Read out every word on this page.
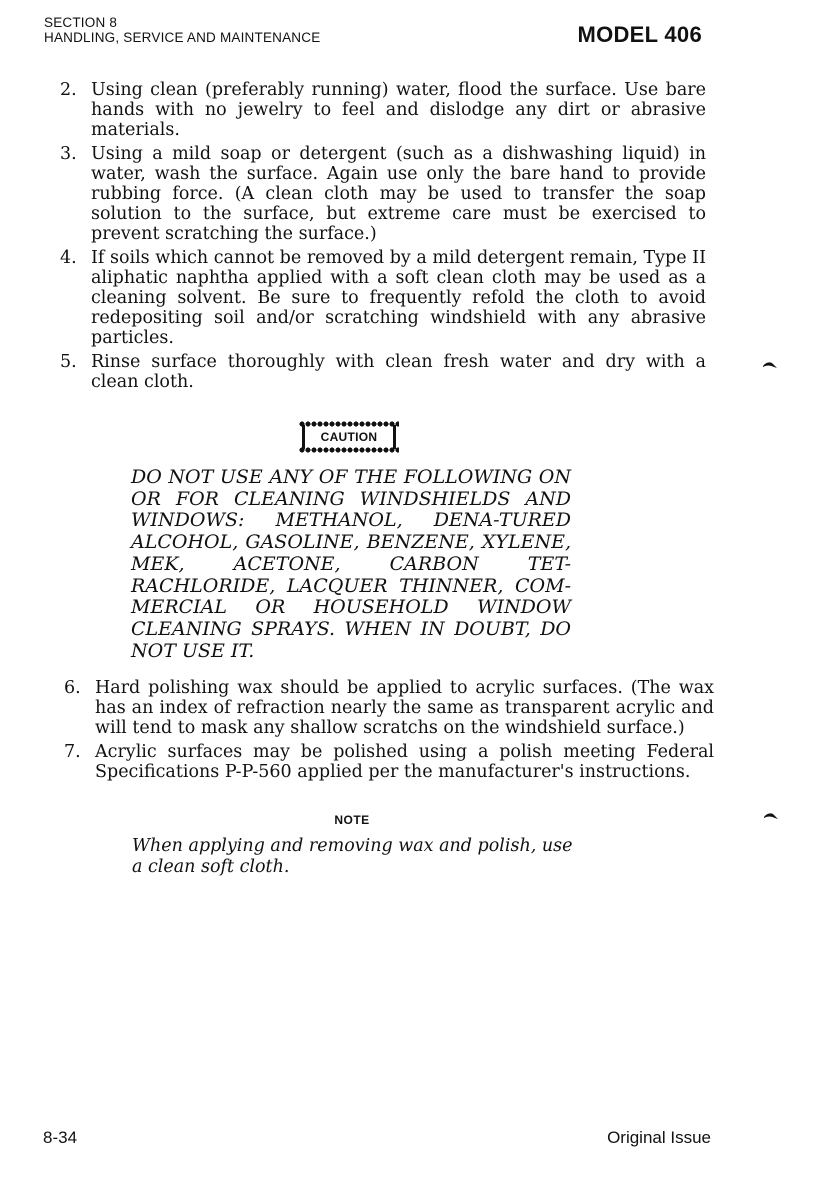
SECTION 8
HANDLING, SERVICE AND MAINTENANCE	MODEL 406
2. Using clean (preferably running) water, flood the surface. Use bare hands with no jewelry to feel and dislodge any dirt or abrasive materials.
3. Using a mild soap or detergent (such as a dishwashing liquid) in water, wash the surface. Again use only the bare hand to provide rubbing force. (A clean cloth may be used to transfer the soap solution to the surface, but extreme care must be exercised to prevent scratching the surface.)
4. If soils which cannot be removed by a mild detergent remain, Type II aliphatic naphtha applied with a soft clean cloth may be used as a cleaning solvent. Be sure to frequently refold the cloth to avoid redepositing soil and/or scratching windshield with any abrasive particles.
5. Rinse surface thoroughly with clean fresh water and dry with a clean cloth.
CAUTION
DO NOT USE ANY OF THE FOLLOWING ON OR FOR CLEANING WINDSHIELDS AND WINDOWS: METHANOL, DENA-TURED ALCOHOL, GASOLINE, BENZENE, XYLENE, MEK, ACETONE, CARBON TET-RACHLORIDE, LACQUER THINNER, COM-MERCIAL OR HOUSEHOLD WINDOW CLEANING SPRAYS. WHEN IN DOUBT, DO NOT USE IT.
6. Hard polishing wax should be applied to acrylic surfaces. (The wax has an index of refraction nearly the same as transparent acrylic and will tend to mask any shallow scratchs on the windshield surface.)
7. Acrylic surfaces may be polished using a polish meeting Federal Specifications P-P-560 applied per the manufacturer's instructions.
NOTE
When applying and removing wax and polish, use a clean soft cloth.
8-34	Original Issue
